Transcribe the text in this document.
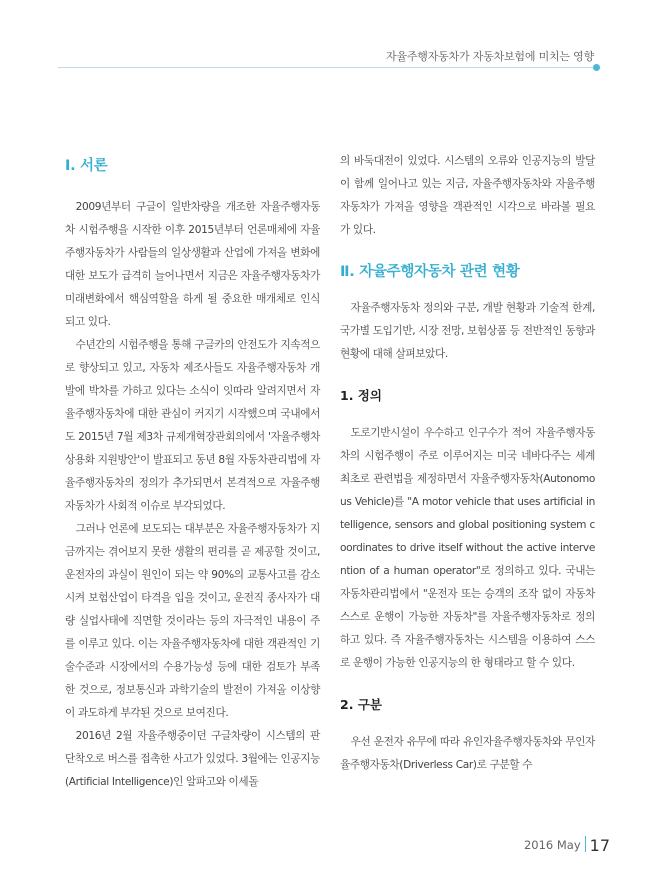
자율주행자동차가 자동차보험에 미치는 영향
Ⅰ. 서론

2009년부터 구글이 일반차량을 개조한 자율주행자동차 시험주행을 시작한 이후 2015년부터 언론매체에 자율주행자동차가 사람들의 일상생활과 산업에 가져올 변화에 대한 보도가 급격히 늘어나면서 지금은 자율주행자동차가 미래변화에서 핵심역할을 하게 될 중요한 매개체로 인식되고 있다.

수년간의 시험주행을 통해 구글카의 안전도가 지속적으로 향상되고 있고, 자동차 제조사들도 자율주행자동차 개발에 박차를 가하고 있다는 소식이 잇따라 알려지면서 자율주행자동차에 대한 관심이 커지기 시작했으며 국내에서도 2015년 7월 제3차 규제개혁장관회의에서 '자율주행차 상용화 지원방안'이 발표되고 동년 8월 자동차관리법에 자율주행자동차의 정의가 추가되면서 본격적으로 자율주행자동차가 사회적 이슈로 부각되었다.

그러나 언론에 보도되는 대부분은 자율주행자동차가 지금까지는 겪어보지 못한 생활의 편리를 곧 제공할 것이고, 운전자의 과실이 원인이 되는 약 90%의 교통사고를 감소시켜 보험산업이 타격을 입을 것이고, 운전직 종사자가 대량 실업사태에 직면할 것이라는 등의 자극적인 내용이 주를 이루고 있다. 이는 자율주행자동차에 대한 객관적인 기술수준과 시장에서의 수용가능성 등에 대한 검토가 부족한 것으로, 정보통신과 과학기술의 발전이 가져올 이상향이 과도하게 부각된 것으로 보여진다.

2016년 2월 자율주행중이던 구글차량이 시스템의 판단착오로 버스를 접촉한 사고가 있었다. 3월에는 인공지능(Artificial Intelligence)인 알파고와 이세돌

의 바둑대전이 있었다. 시스템의 오류와 인공지능의 발달이 함께 일어나고 있는 지금, 자율주행자동차와 자율주행자동차가 가져올 영향을 객관적인 시각으로 바라볼 필요가 있다.

Ⅱ. 자율주행자동차 관련 현황

자율주행자동차 정의와 구분, 개발 현황과 기술적 한계, 국가별 도입기반, 시장 전망, 보험상품 등 전반적인 동향과 현황에 대해 살펴보았다.

1. 정의

도로기반시설이 우수하고 인구수가 적어 자율주행자동차의 시험주행이 주로 이루어지는 미국 네바다주는 세계 최초로 관련법을 제정하면서 자율주행자동차(Autonomous Vehicle)를 "A motor vehicle that uses artificial intelligence, sensors and global positioning system coordinates to drive itself without the active intervention of a human operator"로 정의하고 있다. 국내는 자동차관리법에서 "운전자 또는 승객의 조작 없이 자동차 스스로 운행이 가능한 자동차"를 자율주행자동차로 정의하고 있다. 즉 자율주행자동차는 시스템을 이용하여 스스로 운행이 가능한 인공지능의 한 형태라고 할 수 있다.

2. 구분

우선 운전자 유무에 따라 유인자율주행자동차와 무인자율주행자동차(Driverless Car)로 구분할 수

2016 May 17
